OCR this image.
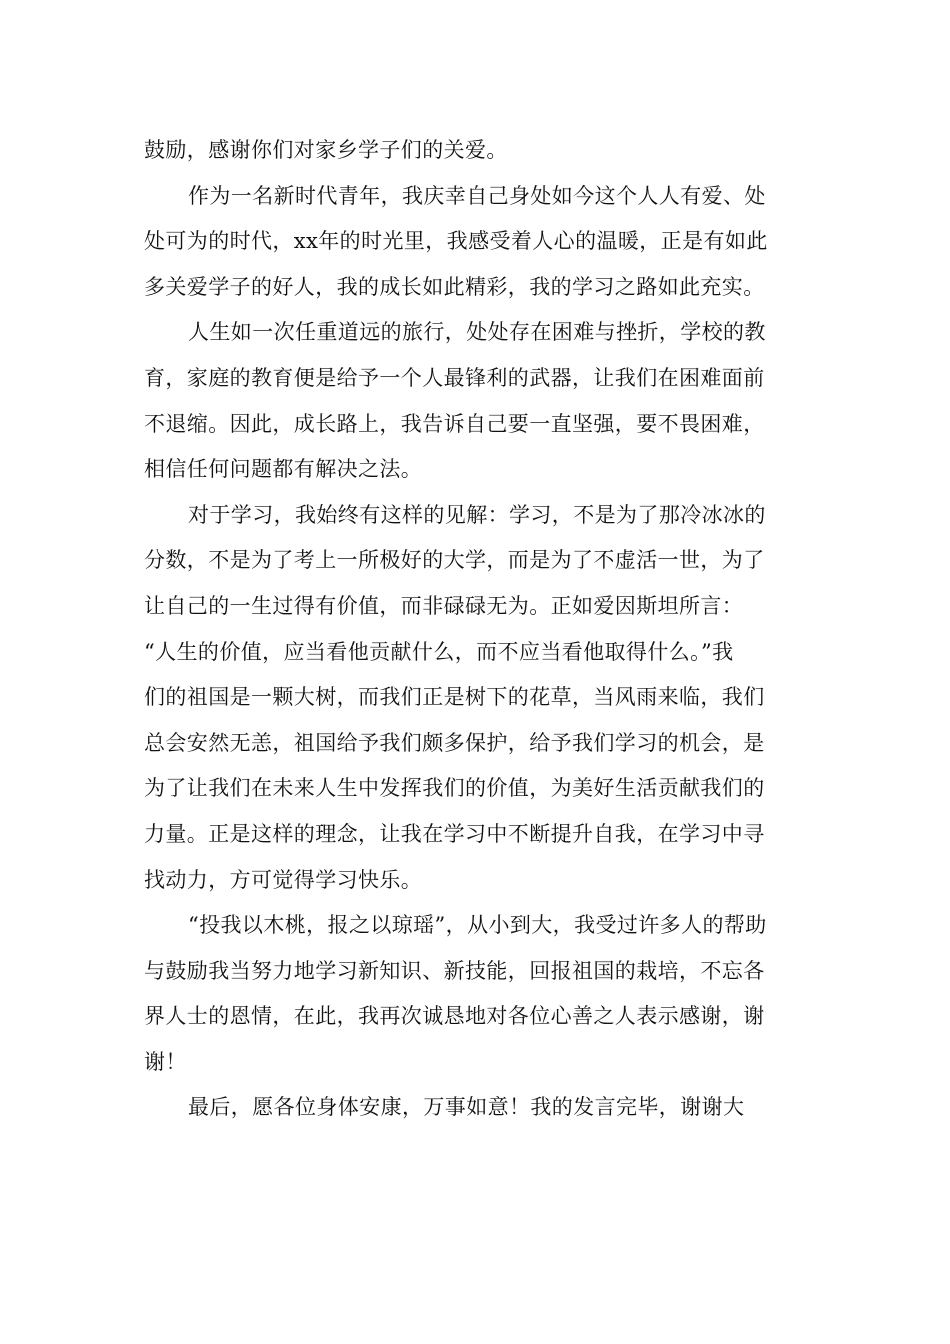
鼓励，感谢你们对家乡学子们的关爱。

作为一名新时代青年，我庆幸自己身处如今这个人人有爱、处
处可为的时代，xx年的时光里，我感受着人心的温暖，正是有如此
多关爱学子的好人，我的成长如此精彩，我的学习之路如此充实。

人生如一次任重道远的旅行，处处存在困难与挫折，学校的教
育，家庭的教育便是给予一个人最锋利的武器，让我们在困难面前
不退缩。因此，成长路上，我告诉自己要一直坚强，要不畏困难，
相信任何问题都有解决之法。

对于学习，我始终有这样的见解：学习，不是为了那冷冰冰的
分数，不是为了考上一所极好的大学，而是为了不虚活一世，为了
让自己的一生过得有价值，而非碌碌无为。正如爱因斯坦所言：
“人生的价值，应当看他贡献什么，而不应当看他取得什么。”我
们的祖国是一颗大树，而我们正是树下的花草，当风雨来临，我们
总会安然无恙，祖国给予我们颇多保护，给予我们学习的机会，是
为了让我们在未来人生中发挥我们的价值，为美好生活贡献我们的
力量。正是这样的理念，让我在学习中不断提升自我，在学习中寻
找动力，方可觉得学习快乐。

“投我以木桃，报之以琼瑶”，从小到大，我受过许多人的帮助
与鼓励我当努力地学习新知识、新技能，回报祖国的栽培，不忘各
界人士的恩情，在此，我再次诚恳地对各位心善之人表示感谢，谢
谢！

最后，愿各位身体安康，万事如意！我的发言完毕，谢谢大
